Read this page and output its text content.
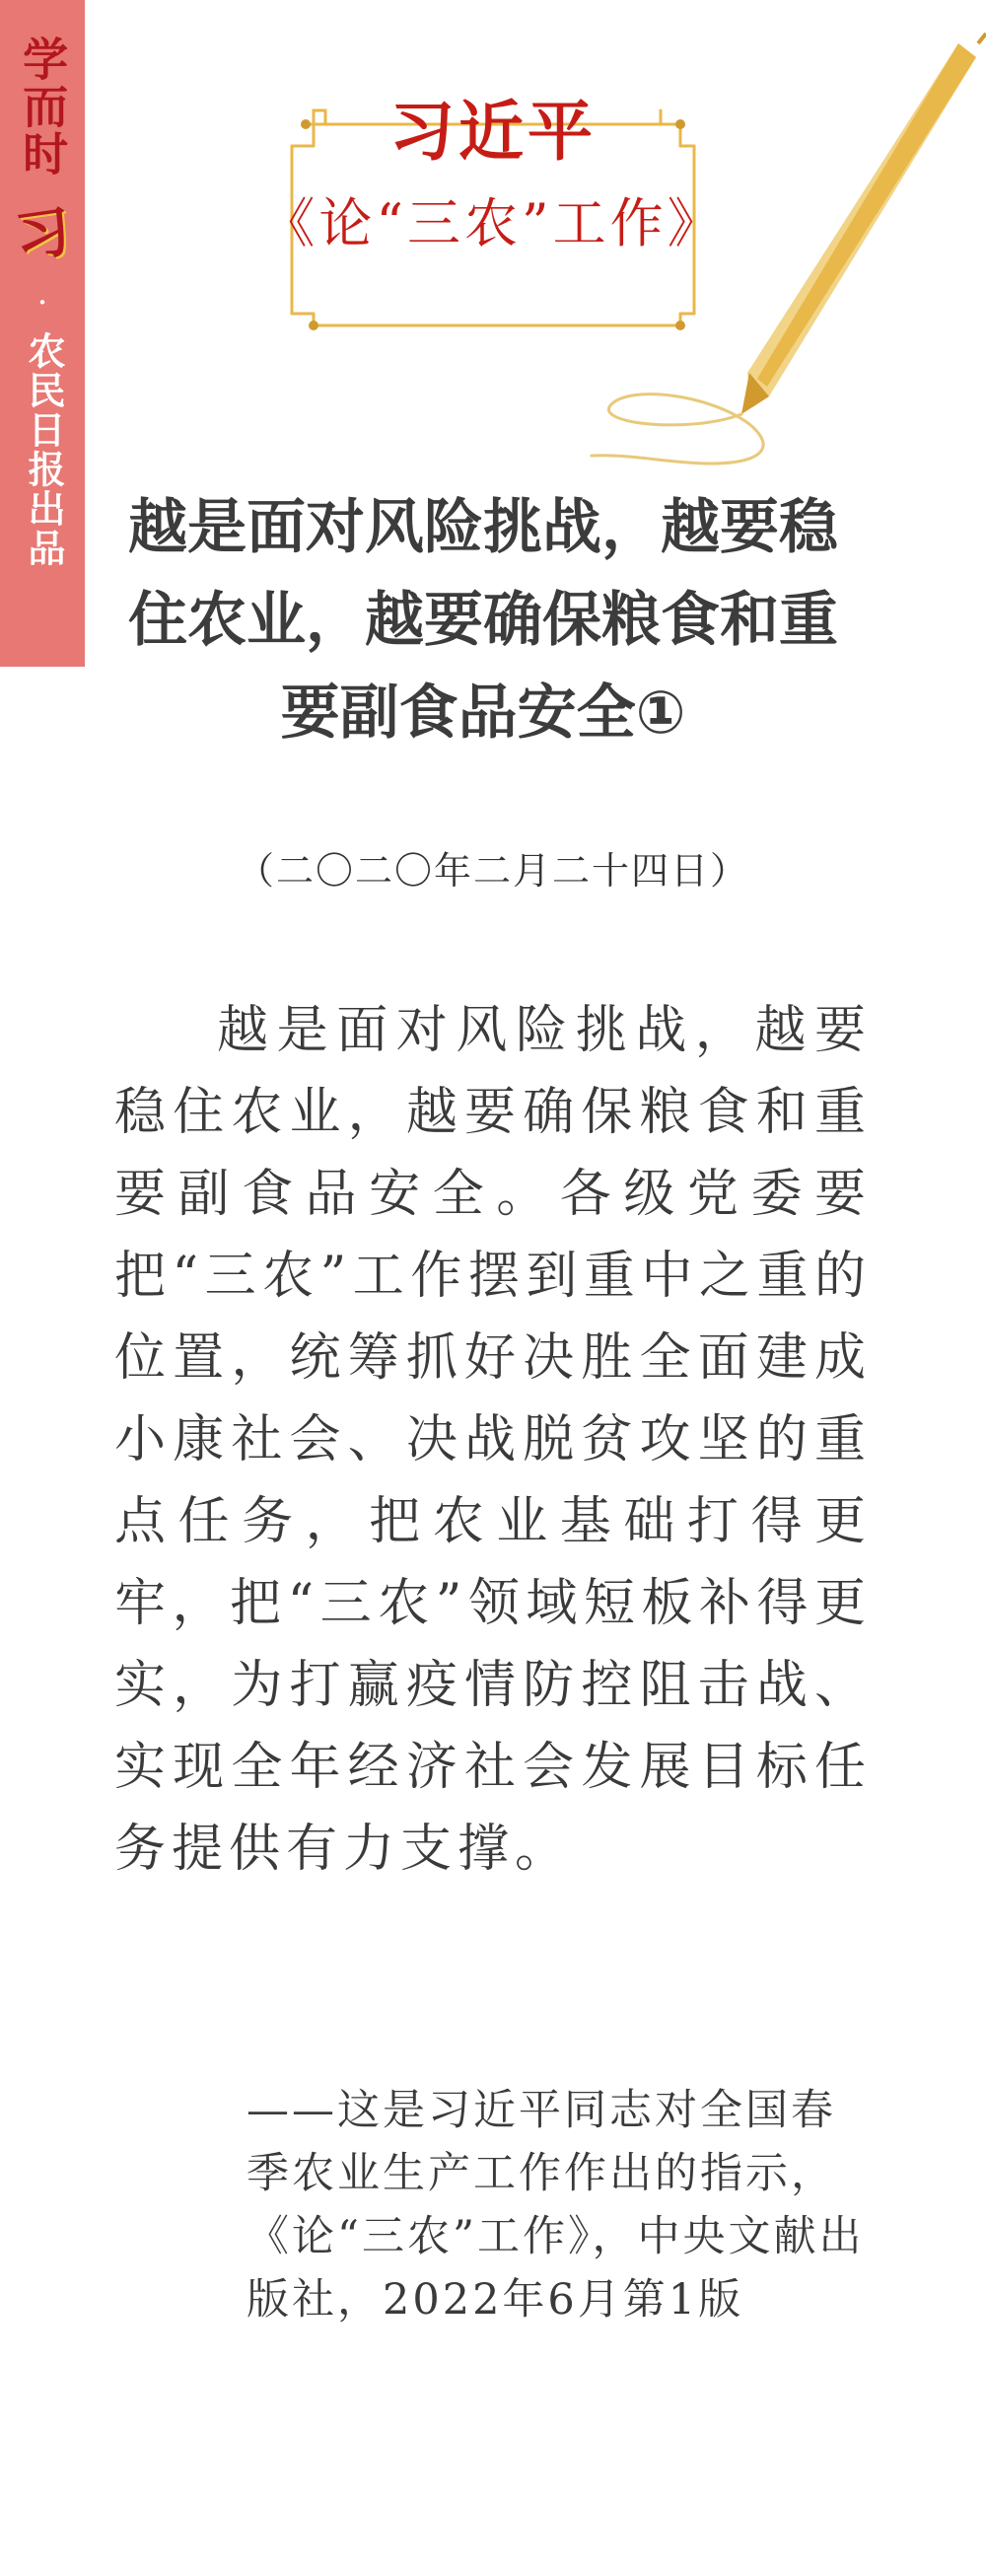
学而时
习
·
农民日报出品
习近平
《论“三农”工作》
越是面对风险挑战，越要稳住农业，越要确保粮食和重要副食品安全①
（二〇二〇年二月二十四日）
越是面对风险挑战，越要稳住农业，越要确保粮食和重要副食品安全。各级党委要把“三农”工作摆到重中之重的位置，统筹抓好决胜全面建成小康社会、决战脱贫攻坚的重点任务，把农业基础打得更牢，把“三农”领域短板补得更实，为打赢疫情防控阻击战、实现全年经济社会发展目标任务提供有力支撑。
——这是习近平同志对全国春季农业生产工作作出的指示，《论“三农”工作》，中央文献出版社，2022年6月第1版
